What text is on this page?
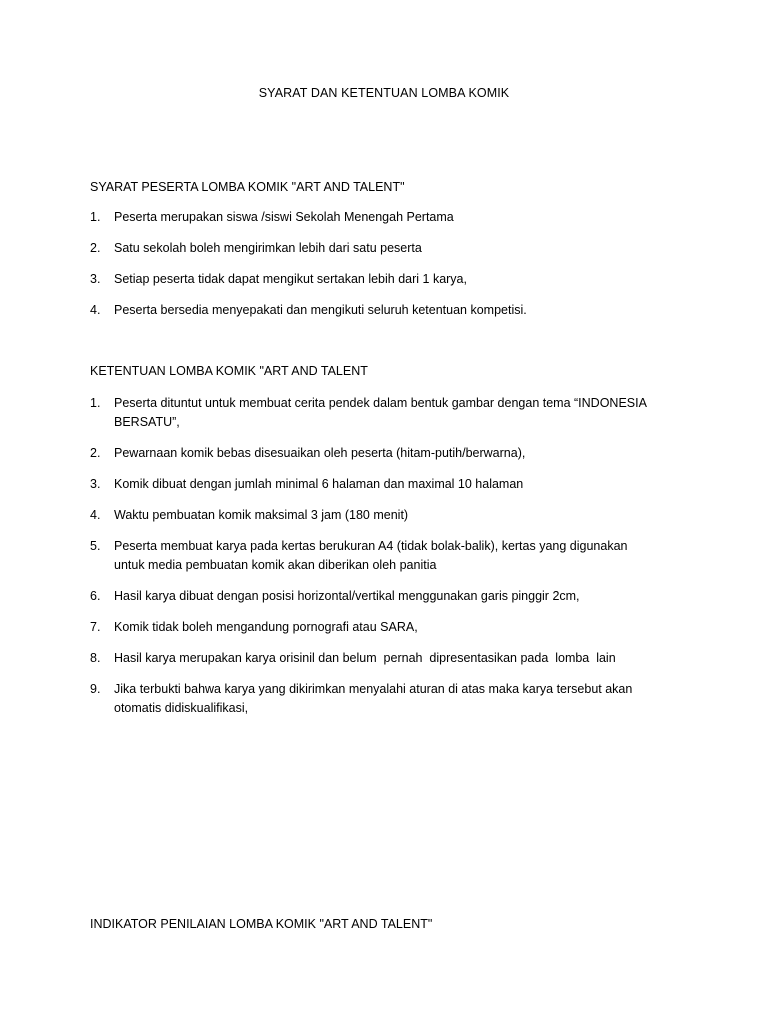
SYARAT DAN KETENTUAN LOMBA KOMIK
SYARAT PESERTA LOMBA KOMIK "ART AND TALENT"
1.	Peserta merupakan siswa /siswi Sekolah Menengah Pertama
2.	Satu sekolah boleh mengirimkan lebih dari satu peserta
3.	Setiap peserta tidak dapat mengikut sertakan lebih dari 1 karya,
4.	Peserta bersedia menyepakati dan mengikuti seluruh ketentuan kompetisi.
KETENTUAN LOMBA KOMIK "ART AND TALENT
1.	Peserta dituntut untuk membuat cerita pendek dalam bentuk gambar dengan tema “INDONESIA
BERSATU”,
2.	Pewarnaan komik bebas disesuaikan oleh peserta (hitam-putih/berwarna),
3.	Komik dibuat dengan jumlah minimal 6 halaman dan maximal 10 halaman
4.	Waktu pembuatan komik maksimal 3 jam (180 menit)
5.	Peserta membuat karya pada kertas berukuran A4 (tidak bolak-balik), kertas yang digunakan
untuk media pembuatan komik akan diberikan oleh panitia
6.	Hasil karya dibuat dengan posisi horizontal/vertikal menggunakan garis pinggir 2cm,
7.	Komik tidak boleh mengandung pornografi atau SARA,
8.	Hasil karya merupakan karya orisinil dan belum  pernah  dipresentasikan pada  lomba  lain
9.	Jika terbukti bahwa karya yang dikirimkan menyalahi aturan di atas maka karya tersebut akan
otomatis didiskualifikasi,
INDIKATOR PENILAIAN LOMBA KOMIK "ART AND TALENT"
